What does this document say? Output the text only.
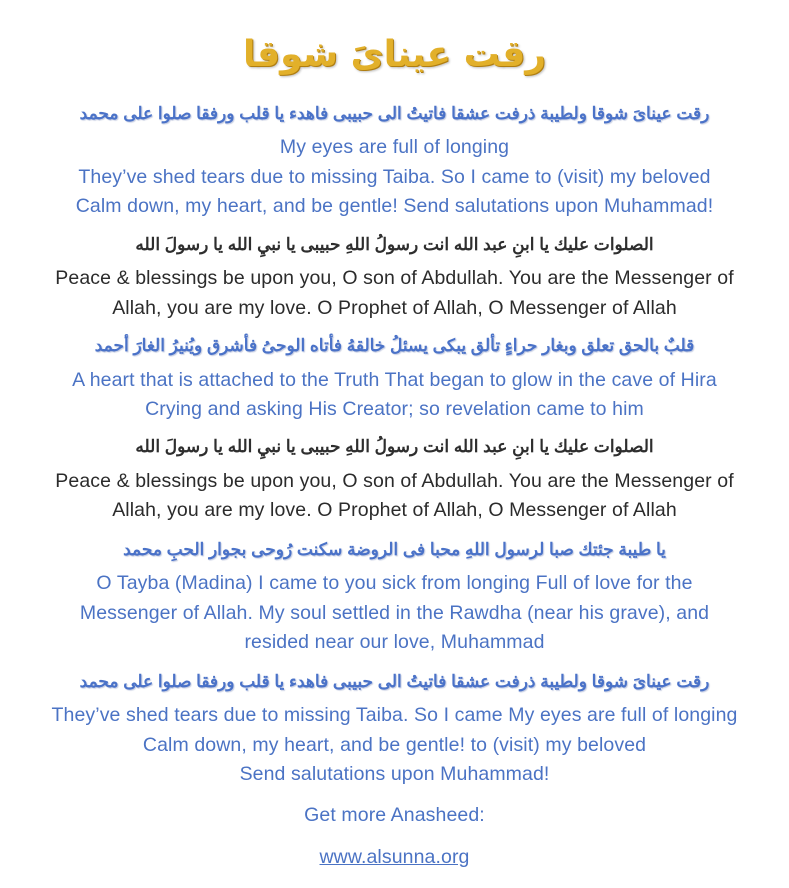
رقت عيناىَ شوقا
رقت عيناىَ شوقا ولطيبة ذرفت عشقا فاتيتُ الى حبيبى فاهدء يا قلب ورفقا صلوا على محمد
My eyes are full of longing
They’ve shed tears due to missing Taiba. So I came to (visit) my beloved
Calm down, my heart, and be gentle! Send salutations upon Muhammad!
الصلوات عليك يا ابنِ عبد الله انت رسولُ اللهِ حبيبى يا نبيِ الله يا رسولَ الله
Peace & blessings be upon you, O son of Abdullah. You are the Messenger of
Allah, you are my love. O Prophet of Allah, O Messenger of Allah
قلبٌ بالحق تعلق وبغار حراءٍ تألق يبكى يسئلُ خالقهُ فأتاه الوحىُ فأشرق ويُنيرُ الغارَ أحمد
A heart that is attached to the Truth That began to glow in the cave of Hira
Crying and asking His Creator; so revelation came to him
الصلوات عليك يا ابنِ عبد الله انت رسولُ اللهِ حبيبى يا نبيِ الله يا رسولَ الله
Peace & blessings be upon you, O son of Abdullah. You are the Messenger of
Allah, you are my love. O Prophet of Allah, O Messenger of Allah
يا طيبة جئتك صبا لرسول اللهِ محبا فى الروضة سكنت رُوحى بجوار الحبِ محمد
O Tayba (Madina) I came to you sick from longing Full of love for the
Messenger of Allah. My soul settled in the Rawdha (near his grave), and
resided near our love, Muhammad
رقت عيناىَ شوقا ولطيبة ذرفت عشقا فاتيتُ الى حبيبى فاهدء يا قلب ورفقا صلوا على محمد
They’ve shed tears due to missing Taiba. So I came My eyes are full of longing
Calm down, my heart, and be gentle! to (visit) my beloved
Send salutations upon Muhammad!
Get more Anasheed:
www.alsunna.org
